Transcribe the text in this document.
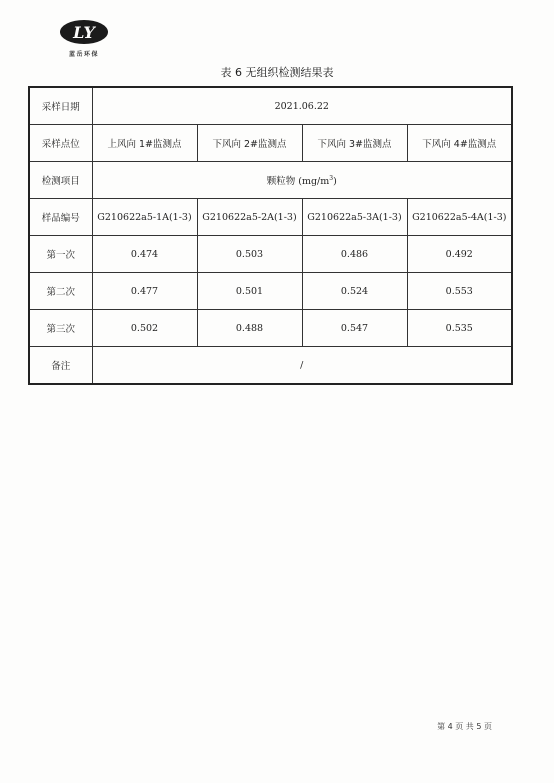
LY
蓝岳环保
表 6 无组织检测结果表
采样日期	2021.06.22			
采样点位	上风向 1#监测点	下风向 2#监测点	下风向 3#监测点	下风向 4#监测点
检测项目	颗粒物 $(mg/m^3)$			
样品编号	G210622a5-1A(1-3)	G210622a5-2A(1-3)	G210622a5-3A(1-3)	G210622a5-4A(1-3)
第一次	0.474	0.503	0.486	0.492
第二次	0.477	0.501	0.524	0.553
第三次	0.502	0.488	0.547	0.535
备注	/			
第 4 页 共 5 页
